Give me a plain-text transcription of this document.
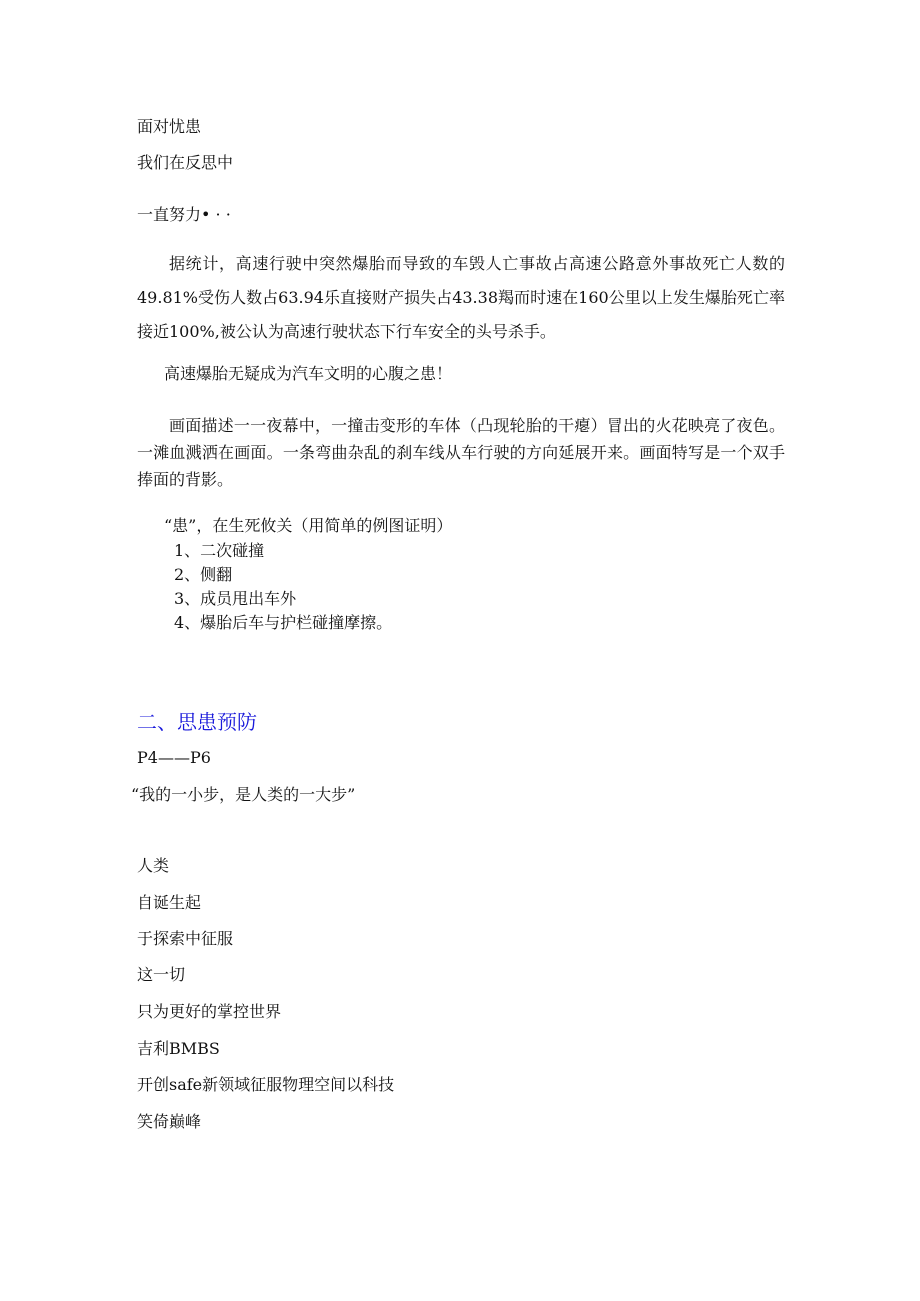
面对忧患
我们在反思中
一直努力• · ·
据统计，高速行驶中突然爆胎而导致的车毁人亡事故占高速公路意外事故死亡人数的49.81%受伤人数占63.94乐直接财产损失占43.38羯而时速在160公里以上发生爆胎死亡率接近100%,被公认为高速行驶状态下行车安全的头号杀手。
高速爆胎无疑成为汽车文明的心腹之患！
画面描述一一夜幕中，一撞击变形的车体（凸现轮胎的干瘪）冒出的火花映亮了夜色。一滩血溅洒在画面。一条弯曲杂乱的刹车线从车行驶的方向延展开来。画面特写是一个双手捧面的背影。
“患”，在生死攸关（用简单的例图证明）
1、二次碰撞
2、侧翻
3、成员甩出车外
4、爆胎后车与护栏碰撞摩擦。
二、思患预防
P4——P6
“我的一小步，是人类的一大步”
人类
自诞生起
于探索中征服
这一切
只为更好的掌控世界
吉利BMBS
开创safe新领域征服物理空间以科技
笑倚巅峰
